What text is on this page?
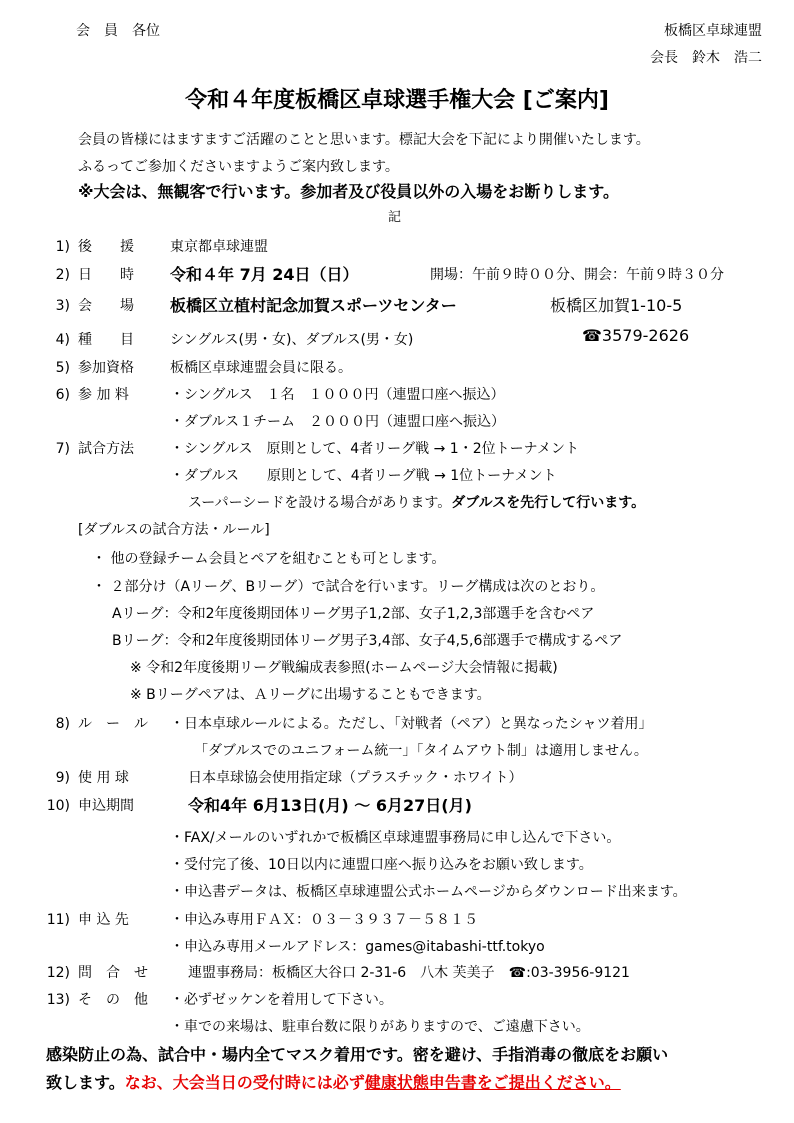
会　員　各位	板橋区卓球連盟
会長　鈴木　浩二
令和４年度板橋区卓球選手権大会 [ご案内]
会員の皆様にはますますご活躍のことと思います。標記大会を下記により開催いたします。
ふるってご参加くださいますようご案内致します。
※大会は、無観客で行います。参加者及び役員以外の入場をお断りします。
記
1) 後　　援	東京都卓球連盟
2) 日　　時 令和４年 7月 24日（日）	開場：午前９時００分、開会：午前９時３０分
3) 会　　場 板橋区立植村記念加賀スポーツセンター	板橋区加賀1-10-5
4) 種　　目	シングルス(男・女)、ダブルス(男・女)	☎3579-2626
5) 参加資格	板橋区卓球連盟会員に限る。
6) 参 加 料	・シングルス　１名　１０００円（連盟口座へ振込）
・ダブルス１チーム　２０００円（連盟口座へ振込）
7) 試合方法	・シングルス　原則として、4者リーグ戦 → 1・2位トーナメント
・ダブルス　　原則として、4者リーグ戦 → 1位トーナメント
スーパーシードを設ける場合があります。ダブルスを先行して行います。
[ダブルスの試合方法・ルール]
・ 他の登録チーム会員とペアを組むことも可とします。
・ ２部分け（Aリーグ、Bリーグ）で試合を行います。リーグ構成は次のとおり。
Aリーグ：令和2年度後期団体リーグ男子1,2部、女子1,2,3部選手を含むペア
Bリーグ：令和2年度後期団体リーグ男子3,4部、女子4,5,6部選手で構成するペア
※ 令和2年度後期リーグ戦編成表参照(ホームページ大会情報に掲載)
※ Bリーグペアは、Ａリーグに出場することもできます。
8) ル　ー　ル ・日本卓球ルールによる。ただし、「対戦者（ペア）と異なったシャツ着用」
「ダブルスでのユニフォーム統一」「タイムアウト制」は適用しません。
9) 使 用 球	日本卓球協会使用指定球（プラスチック・ホワイト）
10) 申込期間	令和4年 6月13日(月) ～ 6月27日(月)
・FAX/メールのいずれかで板橋区卓球連盟事務局に申し込んで下さい。
・受付完了後、10日以内に連盟口座へ振り込みをお願い致します。
・申込書データは、板橋区卓球連盟公式ホームページからダウンロード出来ます。
11) 申 込 先	・申込み専用ＦＡＸ：０３－３９３７－５８１５
・申込み専用メールアドレス：games@itabashi-ttf.tokyo
12) 問　合　せ	連盟事務局：板橋区大谷口 2-31-6　八木 芙美子　☎:03-3956-9121
13) そ　の　他 ・必ずゼッケンを着用して下さい。
・車での来場は、駐車台数に限りがありますので、ご遠慮下さい。
感染防止の為、試合中・場内全てマスク着用です。密を避け、手指消毒の徹底をお願い
致します。なお、大会当日の受付時には必ず健康状態申告書をご提出ください。
